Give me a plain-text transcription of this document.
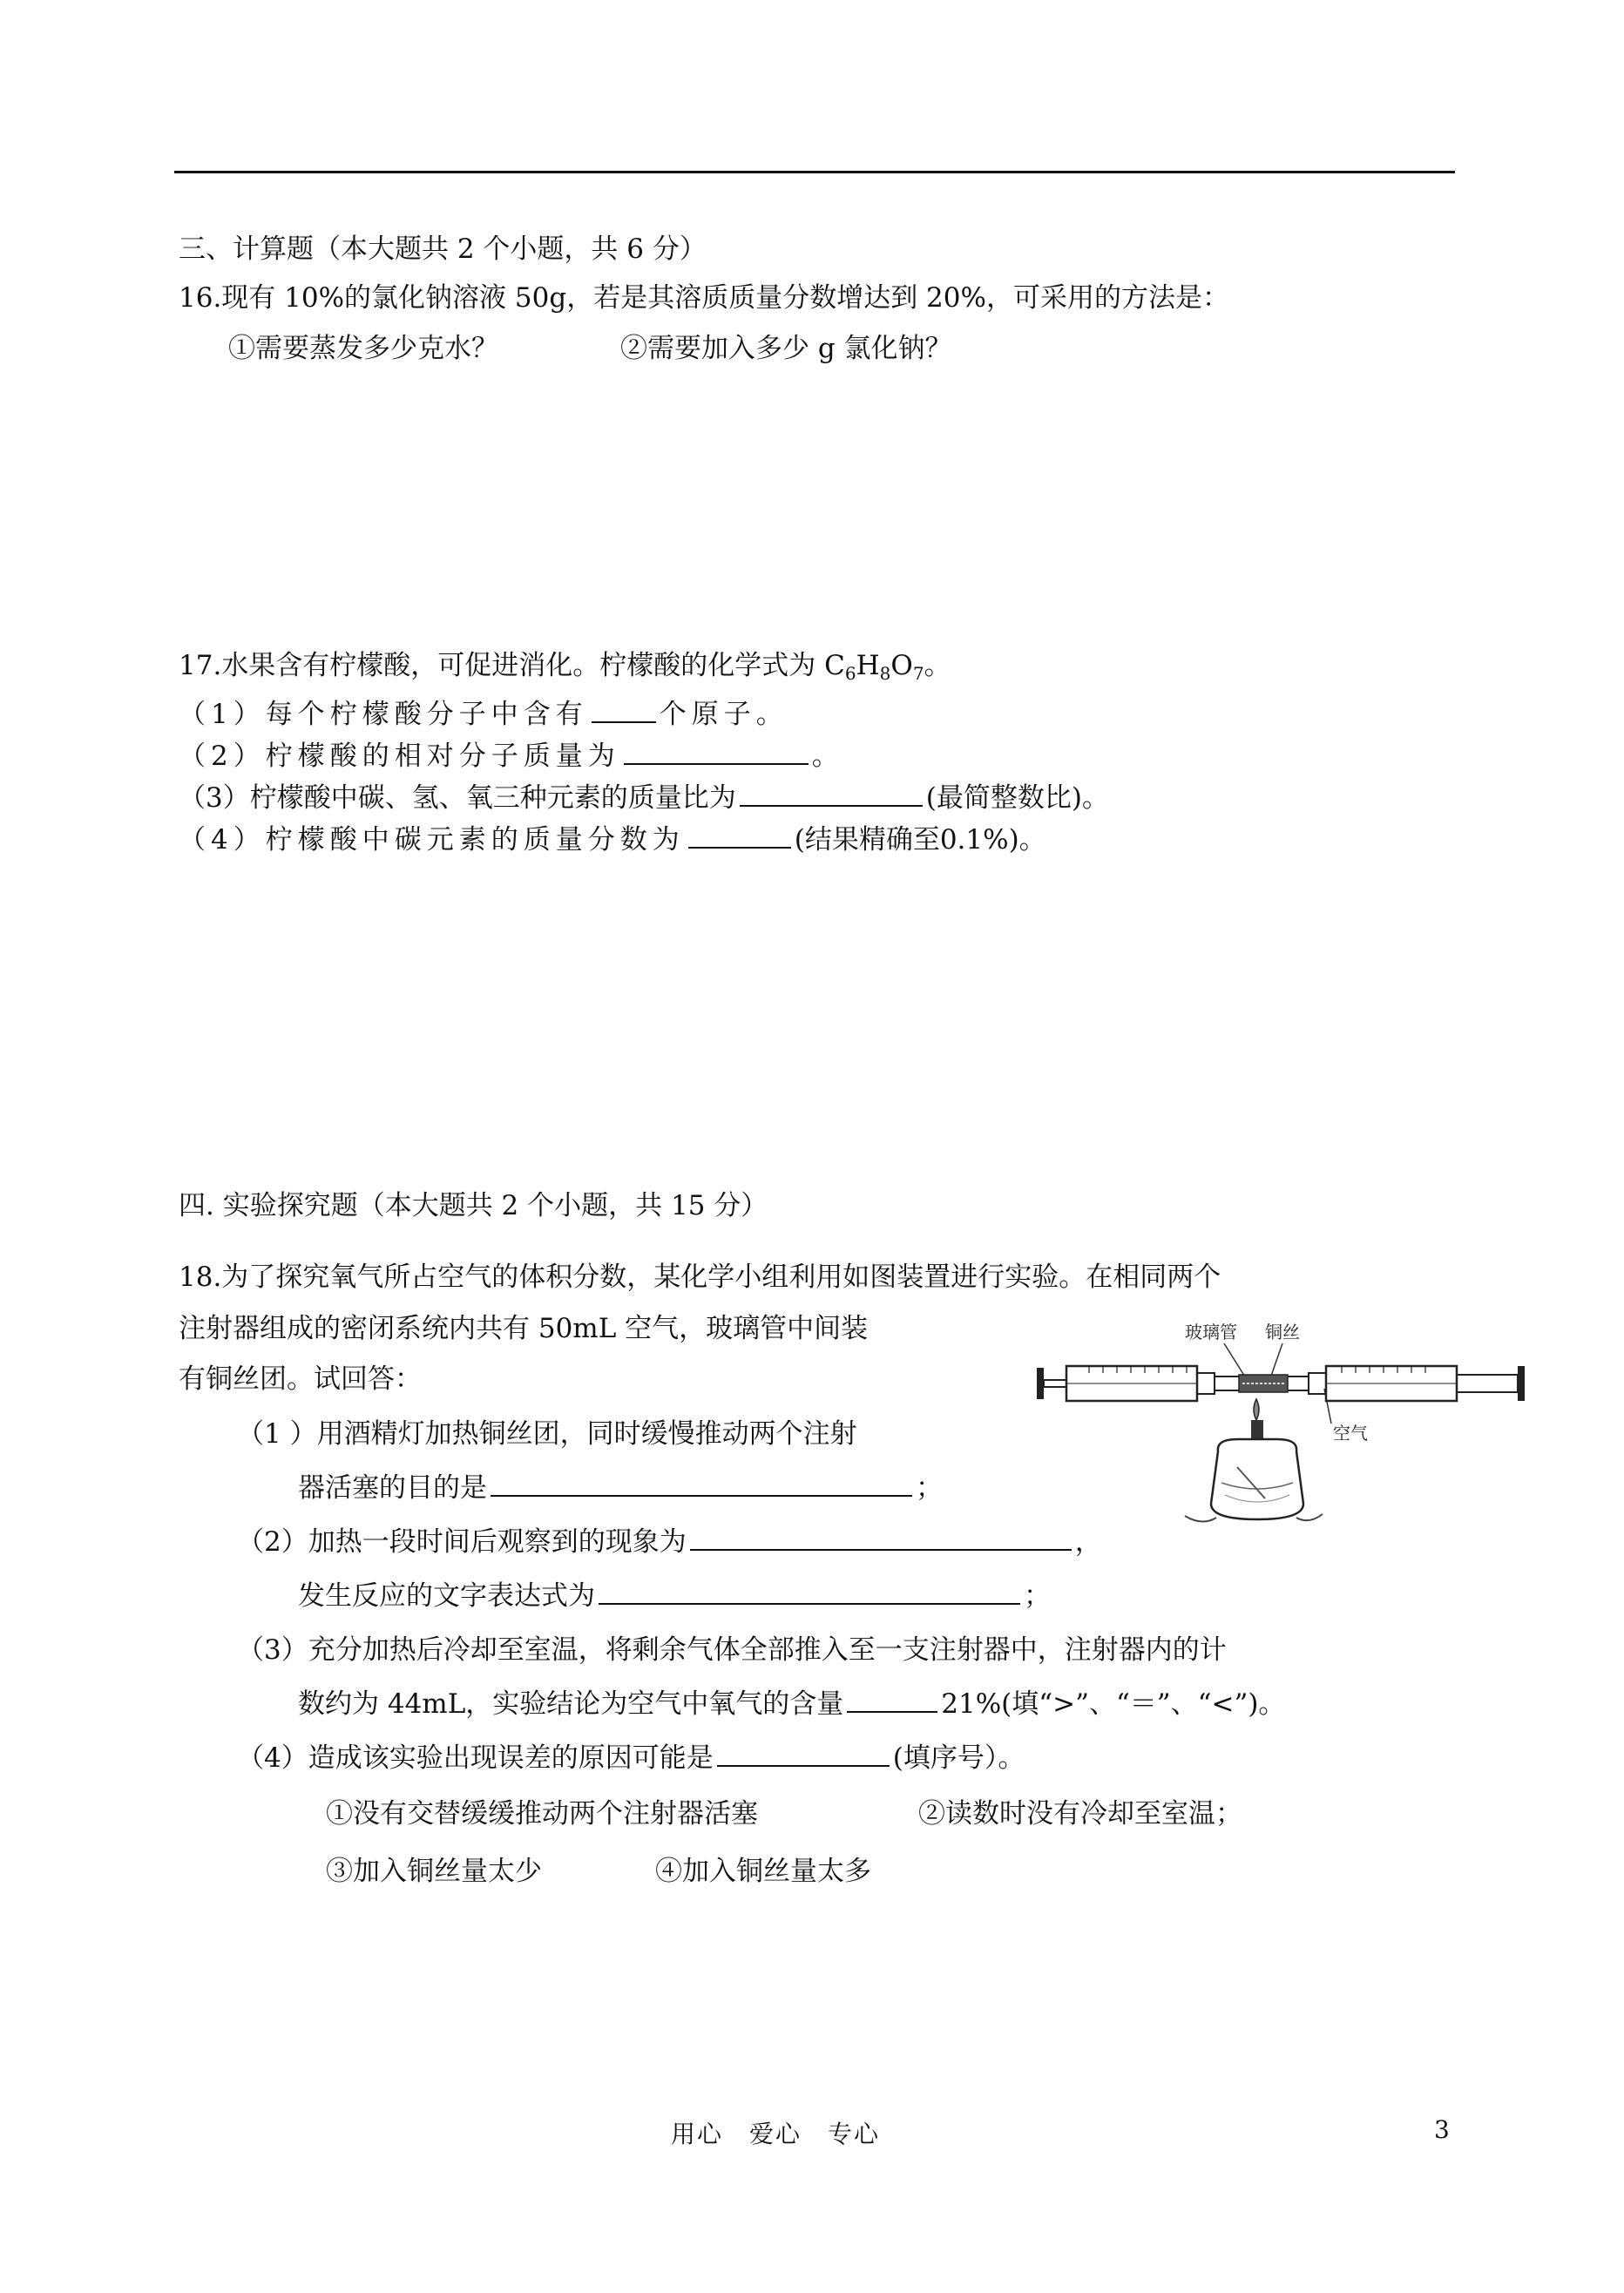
三、计算题（本大题共 2 个小题，共 6 分）
16.现有 10%的氯化钠溶液 50g，若是其溶质质量分数增达到 20%，可采用的方法是：
①需要蒸发多少克水？	②需要加入多少 g 氯化钠？
17.水果含有柠檬酸，可促进消化。柠檬酸的化学式为 $C_6H_8O_7$。
（1）每个柠檬酸分子中含有	个原子。
（2）柠檬酸的相对分子质量为	。
（3）柠檬酸中碳、氢、氧三种元素的质量比为	(最简整数比)。
（4）柠檬酸中碳元素的质量分数为	(结果精确至0.1%)。
四. 实验探究题（本大题共 2 个小题，共 15 分）
18.为了探究氧气所占空气的体积分数，某化学小组利用如图装置进行实验。在相同两个
注射器组成的密闭系统内共有 50mL 空气，玻璃管中间装
有铜丝团。试回答：
（1 ）用酒精灯加热铜丝团，同时缓慢推动两个注射
器活塞的目的是	；
（2）加热一段时间后观察到的现象为	，
发生反应的文字表达式为	；
（3）充分加热后冷却至室温，将剩余气体全部推入至一支注射器中，注射器内的计
数约为 44mL，实验结论为空气中氧气的含量	21%(填“>”、“＝”、“<”)。
（4）造成该实验出现误差的原因可能是	(填序号）。
①没有交替缓缓推动两个注射器活塞	②读数时没有冷却至室温；
③加入铜丝量太少	④加入铜丝量太多
玻璃管 铜丝
空气
用心　爱心　专心	3
